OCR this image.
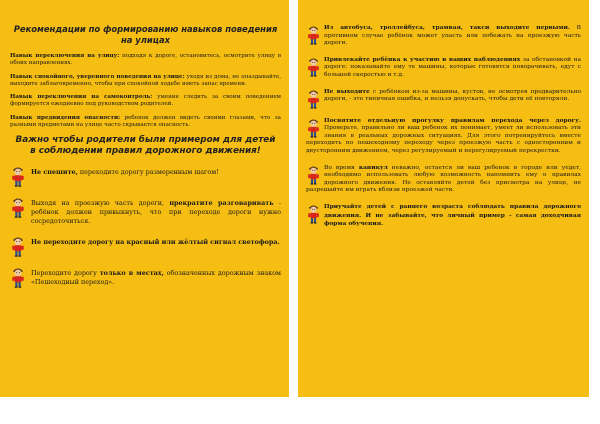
Рекомендации по формированию навыков поведения на улицах
Навык переключения на улицу: подходя к дороге, остановитесь, осмотрите улицу в обоих направлениях.
Навык спокойного, уверенного поведения на улице: уходя из дома, не опаздывайте, выходите заблаговременно, чтобы при спокойной ходьбе иметь запас времени.
Навык переключения на самоконтроль: умение следить за своим поведением формируется ежедневно под руководством родителей.
Навык предвидения опасности: ребенок должен видеть своими глазами, что за разными предметами на улице часто скрывается опасность.
Важно чтобы родители были примером для детей в соблюдении правил дорожного движения!
Не спешите, переходите дорогу размеренным шагом!
Выходя на проезжую часть дороги, прекратите разговаривать - ребёнок должен привыкнуть, что при переходе дороги нужно сосредоточиться.
Не переходите дорогу на красный или жёлтый сигнал светофора.
Переходите дорогу только в местах, обозначенных дорожным знаком «Пешеходный переход».
Из автобуса, троллейбуса, трамвая, такси выходите первыми. В противном случае ребёнок может упасть или побежать на проезжую часть дороги.
Привлекайте ребёнка к участию в ваших наблюдениях за обстановкой на дороге: показывайте ему те машины, которые готовятся поворачивать, едут с большой скоростью и т.д.
Не выходите с ребёнком из-за машины, кустов, не осмотрев предварительно дороги, - это типичная ошибка, и нельзя допускать, чтобы дети её повторяли.
Посвятите отдельную прогулку правилам перехода через дорогу. Проверьте, правильно ли ваш ребенок их понимает, умеет ли использовать эти знания в реальных дорожных ситуациях. Для этого потренируйтесь вместе переходить по пешеходному переходу через проезжую часть с односторонним и двусторонним движением, через регулируемый и нерегулируемый перекрестки.
Во время каникул неважно, остается ли ваш ребенок в городе или уедет, необходимо использовать любую возможность напомнить ему о правилах дорожного движения. Не оставляйте детей без присмотра на улице, не разрешайте им играть вблизи проезжей части.
Приучайте детей с раннего возраста соблюдать правила дорожного движения. И не забывайте, что личный пример - самая доходчивая форма обучения.
